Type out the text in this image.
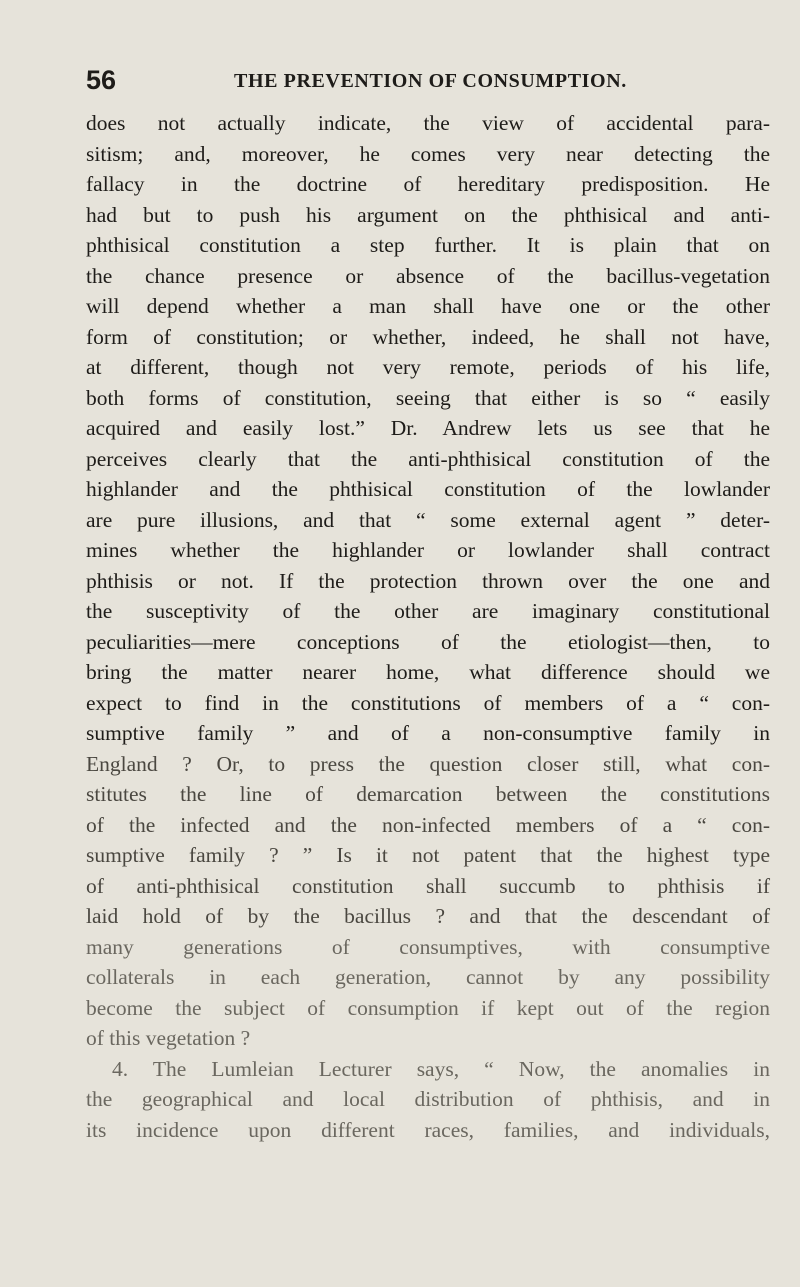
56	THE PREVENTION OF CONSUMPTION.
does not actually indicate, the view of accidental para-
sitism; and, moreover, he comes very near detecting the
fallacy in the doctrine of hereditary predisposition. He
had but to push his argument on the phthisical and anti-
phthisical constitution a step further. It is plain that on
the chance presence or absence of the bacillus-vegetation
will depend whether a man shall have one or the other
form of constitution; or whether, indeed, he shall not have,
at different, though not very remote, periods of his life,
both forms of constitution, seeing that either is so “ easily
acquired and easily lost.” Dr. Andrew lets us see that he
perceives clearly that the anti-phthisical constitution of the
highlander and the phthisical constitution of the lowlander
are pure illusions, and that “ some external agent ” deter-
mines whether the highlander or lowlander shall contract
phthisis or not. If the protection thrown over the one and
the susceptivity of the other are imaginary constitutional
peculiarities—mere conceptions of the etiologist—then, to
bring the matter nearer home, what difference should we
expect to find in the constitutions of members of a “ con-
sumptive family ” and of a non-consumptive family in
England ? Or, to press the question closer still, what con-
stitutes the line of demarcation between the constitutions
of the infected and the non-infected members of a “ con-
sumptive family ? ” Is it not patent that the highest type
of anti-phthisical constitution shall succumb to phthisis if
laid hold of by the bacillus ? and that the descendant of
many generations of consumptives, with consumptive
collaterals in each generation, cannot by any possibility
become the subject of consumption if kept out of the region
of this vegetation ?
4. The Lumleian Lecturer says, “ Now, the anomalies in
the geographical and local distribution of phthisis, and in
its incidence upon different races, families, and individuals,
